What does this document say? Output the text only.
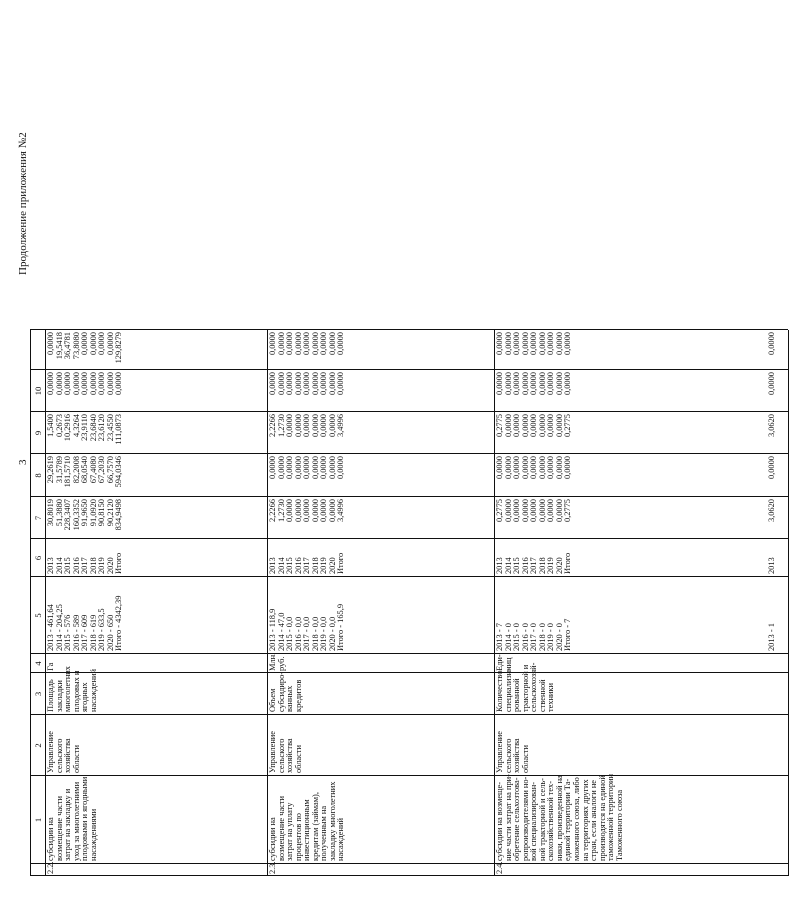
3
Продолжение приложения №2
1
2
3
4
5
6
7
8
9
10
2.2.
субсидии на возмещение части затрат на закладку и уход за многолетними плодовыми и ягодными насаждениями
Управление сельского хозяйства области
Площадь закладки многолетних плодовых и ягодных насаждений
Га
2013 - 461,64 2014 - 204,25 2015 - 576 2016 - 589 2017 - 609 2018 - 619 2019 - 633,5 2020 - 650 Итого - 4342,39
2013 2014 2015 2016 2017 2018 2019 2020 Итого
30,8019 51,3880 228,3407 160,3352 91,9650 91,0920 90,8150 90,2120 834,9498
29,2619 31,5789 181,5710 82,2008 68,0540 67,4080 67,2030 66,7570 594,0346
1,5400 0,2673 10,2916 4,3264 23,9110 23,6840 23,6120 23,4550 111,0873
0,0000 0,0000 0,0000 0,0000 0,0000 0,0000 0,0000 0,0000 0,0000
0,0000 19,5418 36,4781 73,8080 0,0000 0,0000 0,0000 0,0000 129,8279
2.3.
субсидии на возмещение части затрат на уплату процентов по инвестиционным кредитам (займам), полученным на закладку многолетних насаждений
Управление сельского хозяйства области
Объем субсидиро- ванных кредитов
Млн. руб.
2013 - 118,9 2014 - 47,0 2015 - 0,0 2016 - 0,0 2017 - 0,0 2018 - 0,0 2019 - 0,0 2020 - 0,0 Итого - 165,9
2013 2014 2015 2016 2017 2018 2019 2020 Итого
2,2266 1,2730 0,0000 0,0000 0,0000 0,0000 0,0000 0,0000 3,4996
0,0000 0,0000 0,0000 0,0000 0,0000 0,0000 0,0000 0,0000 0,0000
2,2266 1,2730 0,0000 0,0000 0,0000 0,0000 0,0000 0,0000 3,4996
0,0000 0,0000 0,0000 0,0000 0,0000 0,0000 0,0000 0,0000 0,0000
0,0000 0,0000 0,0000 0,0000 0,0000 0,0000 0,0000 0,0000 0,0000
2.4.
субсидии на возмеще- ние части затрат на при- обретение сельхозтова- ропроизводителями но- вой специализирован- ной тракторной и сель- скохозяйственной тех- ники, произведенной на единой территории Та- моженного союза, либо на территориях других стран, если аналоги не производятся на единой таможенной территории Таможенного союза
Управление сельского хозяйства области
Количество специализи- рованной тракторной и сельскохозяй- ственной техники
Еди- ниц
2013 - 7 2014 - 0 2015 - 0 2016 - 0 2017 - 0 2018 - 0 2019 - 0 2020 - 0 Итого - 7
2013 2014 2015 2016 2017 2018 2019 2020 Итого
0,2775 0,0000 0,0000 0,0000 0,0000 0,0000 0,0000 0,0000 0,2775
0,0000 0,0000 0,0000 0,0000 0,0000 0,0000 0,0000 0,0000 0,0000
0,2775 0,0000 0,0000 0,0000 0,0000 0,0000 0,0000 0,0000 0,2775
0,0000 0,0000 0,0000 0,0000 0,0000 0,0000 0,0000 0,0000 0,0000
0,0000 0,0000 0,0000 0,0000 0,0000 0,0000 0,0000 0,0000 0,0000
2013 - 1
2013
3,0620
0,0000
3,0620
0,0000
0,0000
